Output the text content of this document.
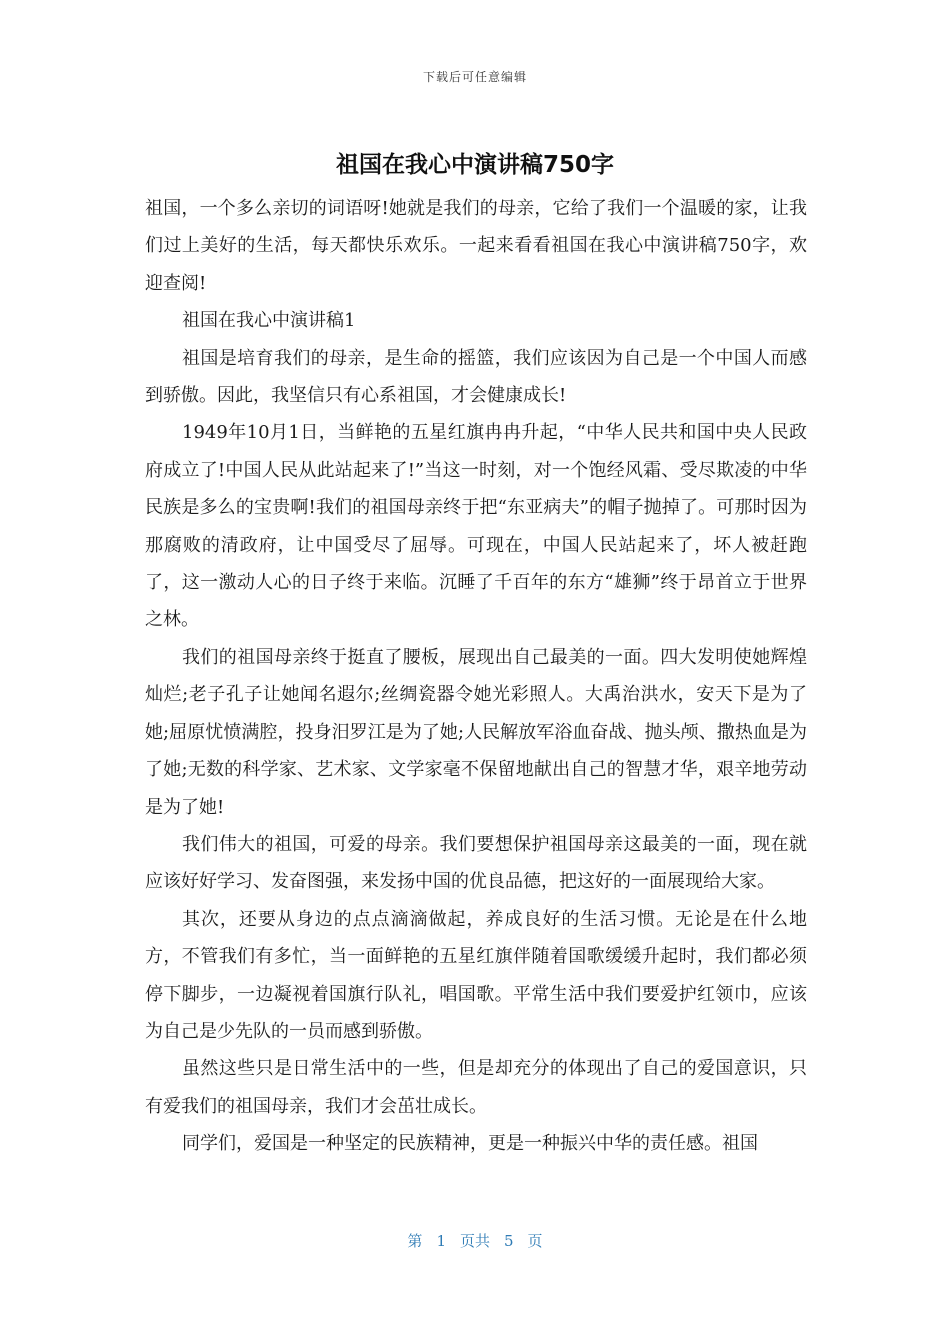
下载后可任意编辑
祖国在我心中演讲稿750字

祖国，一个多么亲切的词语呀!她就是我们的母亲，它给了我们一个温暖的家，让我们过上美好的生活，每天都快乐欢乐。一起来看看祖国在我心中演讲稿750字，欢迎查阅!

祖国在我心中演讲稿1

祖国是培育我们的母亲，是生命的摇篮，我们应该因为自己是一个中国人而感到骄傲。因此，我坚信只有心系祖国，才会健康成长!

1949年10月1日，当鲜艳的五星红旗冉冉升起，“中华人民共和国中央人民政府成立了!中国人民从此站起来了!”当这一时刻，对一个饱经风霜、受尽欺凌的中华民族是多么的宝贵啊!我们的祖国母亲终于把“东亚病夫”的帽子抛掉了。可那时因为那腐败的清政府，让中国受尽了屈辱。可现在，中国人民站起来了，坏人被赶跑了，这一激动人心的日子终于来临。沉睡了千百年的东方“雄狮”终于昂首立于世界之林。

我们的祖国母亲终于挺直了腰板，展现出自己最美的一面。四大发明使她辉煌灿烂;老子孔子让她闻名遐尔;丝绸瓷器令她光彩照人。大禹治洪水，安天下是为了她;屈原忧愤满腔，投身汨罗江是为了她;人民解放军浴血奋战、抛头颅、撒热血是为了她;无数的科学家、艺术家、文学家毫不保留地献出自己的智慧才华，艰辛地劳动是为了她!

我们伟大的祖国，可爱的母亲。我们要想保护祖国母亲这最美的一面，现在就应该好好学习、发奋图强，来发扬中国的优良品德，把这好的一面展现给大家。

其次，还要从身边的点点滴滴做起，养成良好的生活习惯。无论是在什么地方，不管我们有多忙，当一面鲜艳的五星红旗伴随着国歌缓缓升起时，我们都必须停下脚步，一边凝视着国旗行队礼，唱国歌。平常生活中我们要爱护红领巾，应该为自己是少先队的一员而感到骄傲。

虽然这些只是日常生活中的一些，但是却充分的体现出了自己的爱国意识，只有爱我们的祖国母亲，我们才会茁壮成长。

同学们，爱国是一种坚定的民族精神，更是一种振兴中华的责任感。祖国

第 1 页共 5 页
